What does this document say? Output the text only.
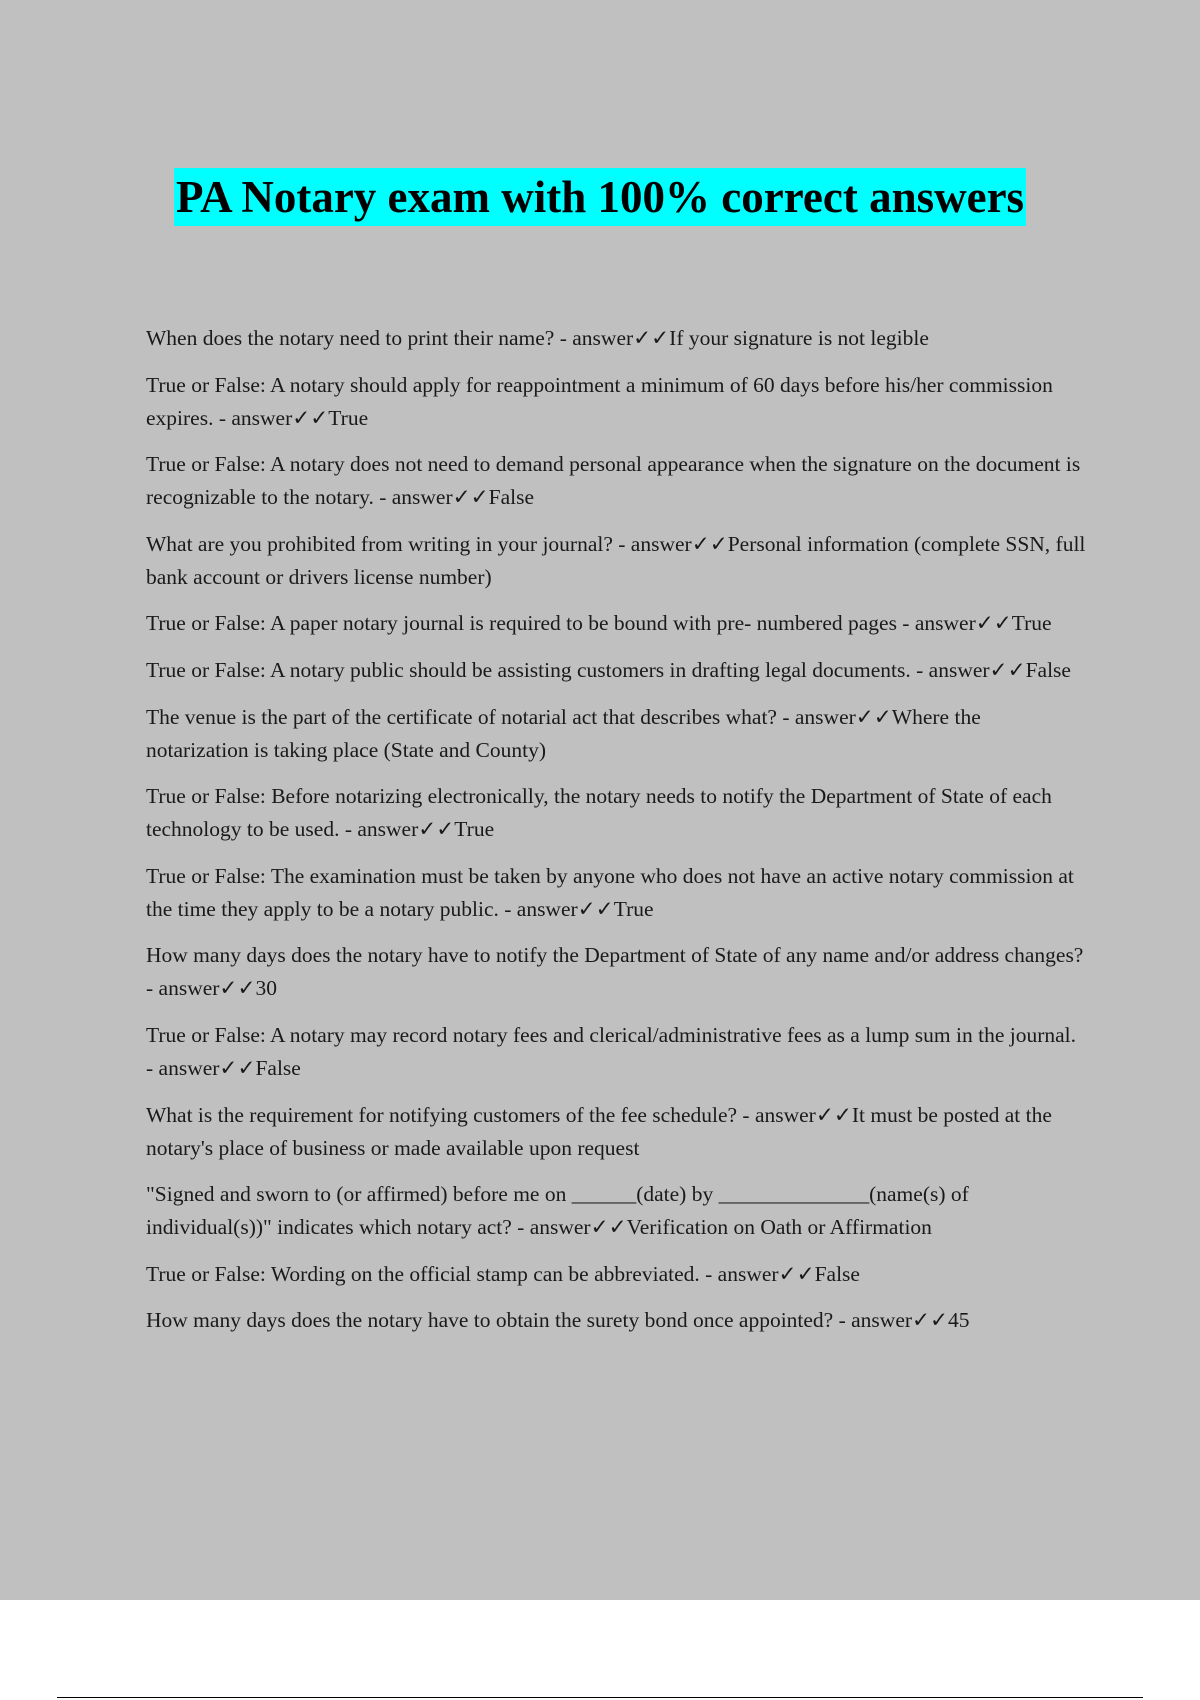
PA Notary exam with 100% correct answers
When does the notary need to print their name? - answer✓✓If your signature is not legible
True or False: A notary should apply for reappointment a minimum of 60 days before his/her commission expires. - answer✓✓True
True or False: A notary does not need to demand personal appearance when the signature on the document is recognizable to the notary. - answer✓✓False
What are you prohibited from writing in your journal? - answer✓✓Personal information (complete SSN, full bank account or drivers license number)
True or False: A paper notary journal is required to be bound with pre- numbered pages - answer✓✓True
True or False: A notary public should be assisting customers in drafting legal documents. - answer✓✓False
The venue is the part of the certificate of notarial act that describes what? - answer✓✓Where the notarization is taking place (State and County)
True or False: Before notarizing electronically, the notary needs to notify the Department of State of each technology to be used. - answer✓✓True
True or False: The examination must be taken by anyone who does not have an active notary commission at the time they apply to be a notary public. - answer✓✓True
How many days does the notary have to notify the Department of State of any name and/or address changes? - answer✓✓30
True or False: A notary may record notary fees and clerical/administrative fees as a lump sum in the journal. - answer✓✓False
What is the requirement for notifying customers of the fee schedule? - answer✓✓It must be posted at the notary's place of business or made available upon request
"Signed and sworn to (or affirmed) before me on ______(date) by ______________(name(s) of individual(s))" indicates which notary act? - answer✓✓Verification on Oath or Affirmation
True or False: Wording on the official stamp can be abbreviated. - answer✓✓False
How many days does the notary have to obtain the surety bond once appointed? - answer✓✓45
